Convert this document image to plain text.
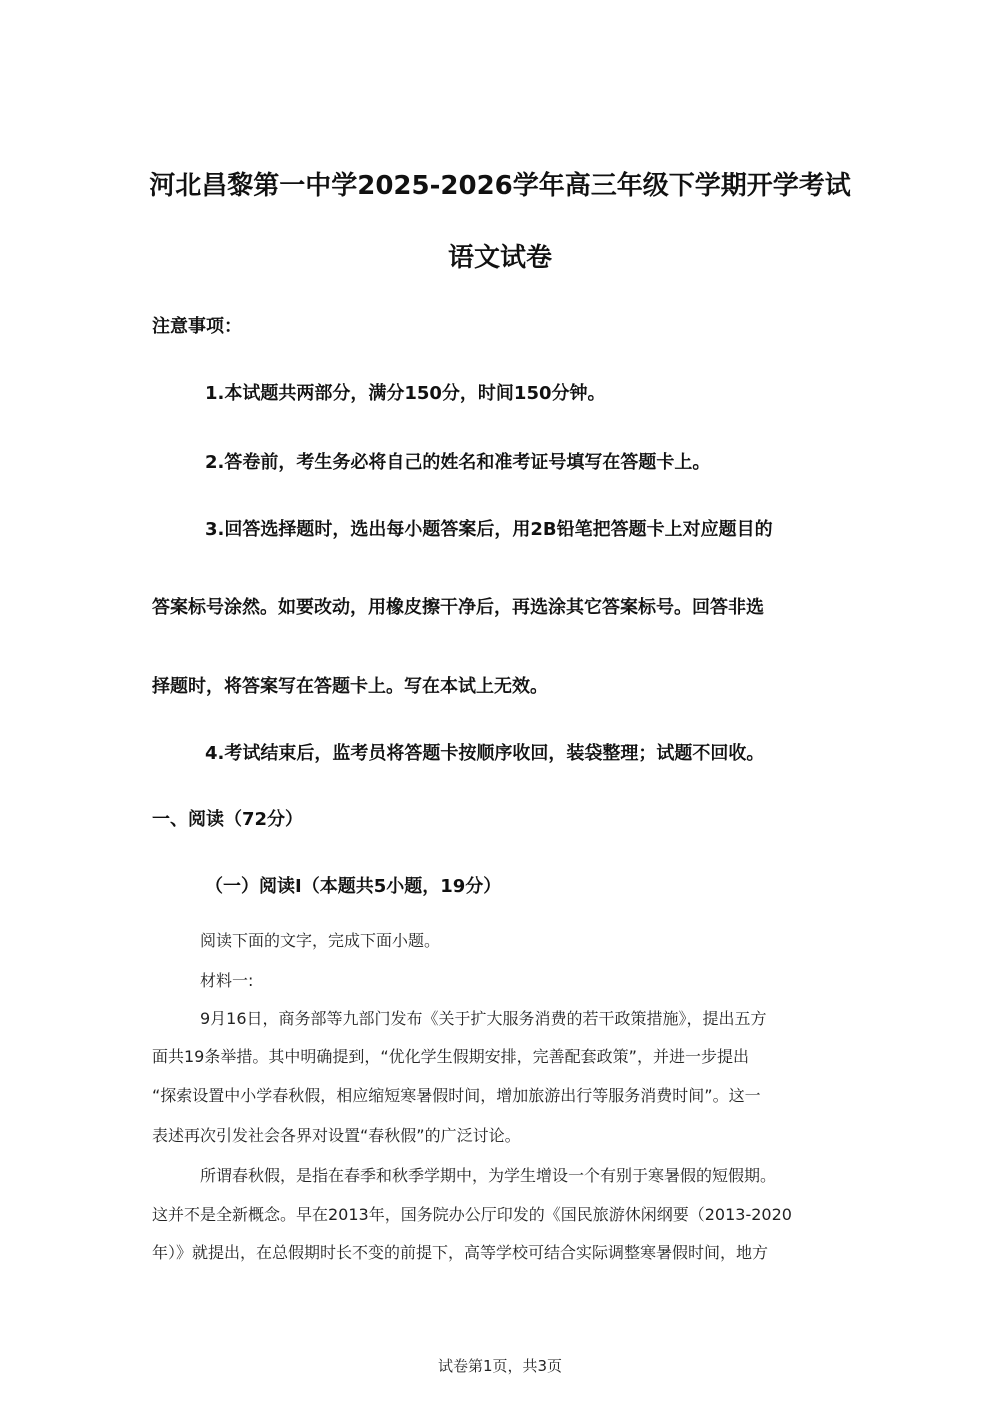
河北昌黎第一中学2025-2026学年高三年级下学期开学考试
语文试卷
注意事项：
1.本试题共两部分，满分150分，时间150分钟。
2.答卷前，考生务必将自己的姓名和准考证号填写在答题卡上。
3.回答选择题时，选出每小题答案后，用2B铅笔把答题卡上对应题目的
答案标号涂然。如要改动，用橡皮擦干净后，再选涂其它答案标号。回答非选
择题时，将答案写在答题卡上。写在本试上无效。
4.考试结束后，监考员将答题卡按顺序收回，装袋整理；试题不回收。
一、阅读（72分）
（一）阅读I（本题共5小题，19分）
阅读下面的文字，完成下面小题。
材料一:
9月16日，商务部等九部门发布《关于扩大服务消费的若干政策措施》，提出五方
面共19条举措。其中明确提到，“优化学生假期安排，完善配套政策”，并进一步提出
“探索设置中小学春秋假，相应缩短寒暑假时间，增加旅游出行等服务消费时间”。这一
表述再次引发社会各界对设置“春秋假”的广泛讨论。
所谓春秋假，是指在春季和秋季学期中，为学生增设一个有别于寒暑假的短假期。
这并不是全新概念。早在2013年，国务院办公厅印发的《国民旅游休闲纲要（2013-2020
年）》就提出，在总假期时长不变的前提下，高等学校可结合实际调整寒暑假时间，地方
试卷第1页，共3页
